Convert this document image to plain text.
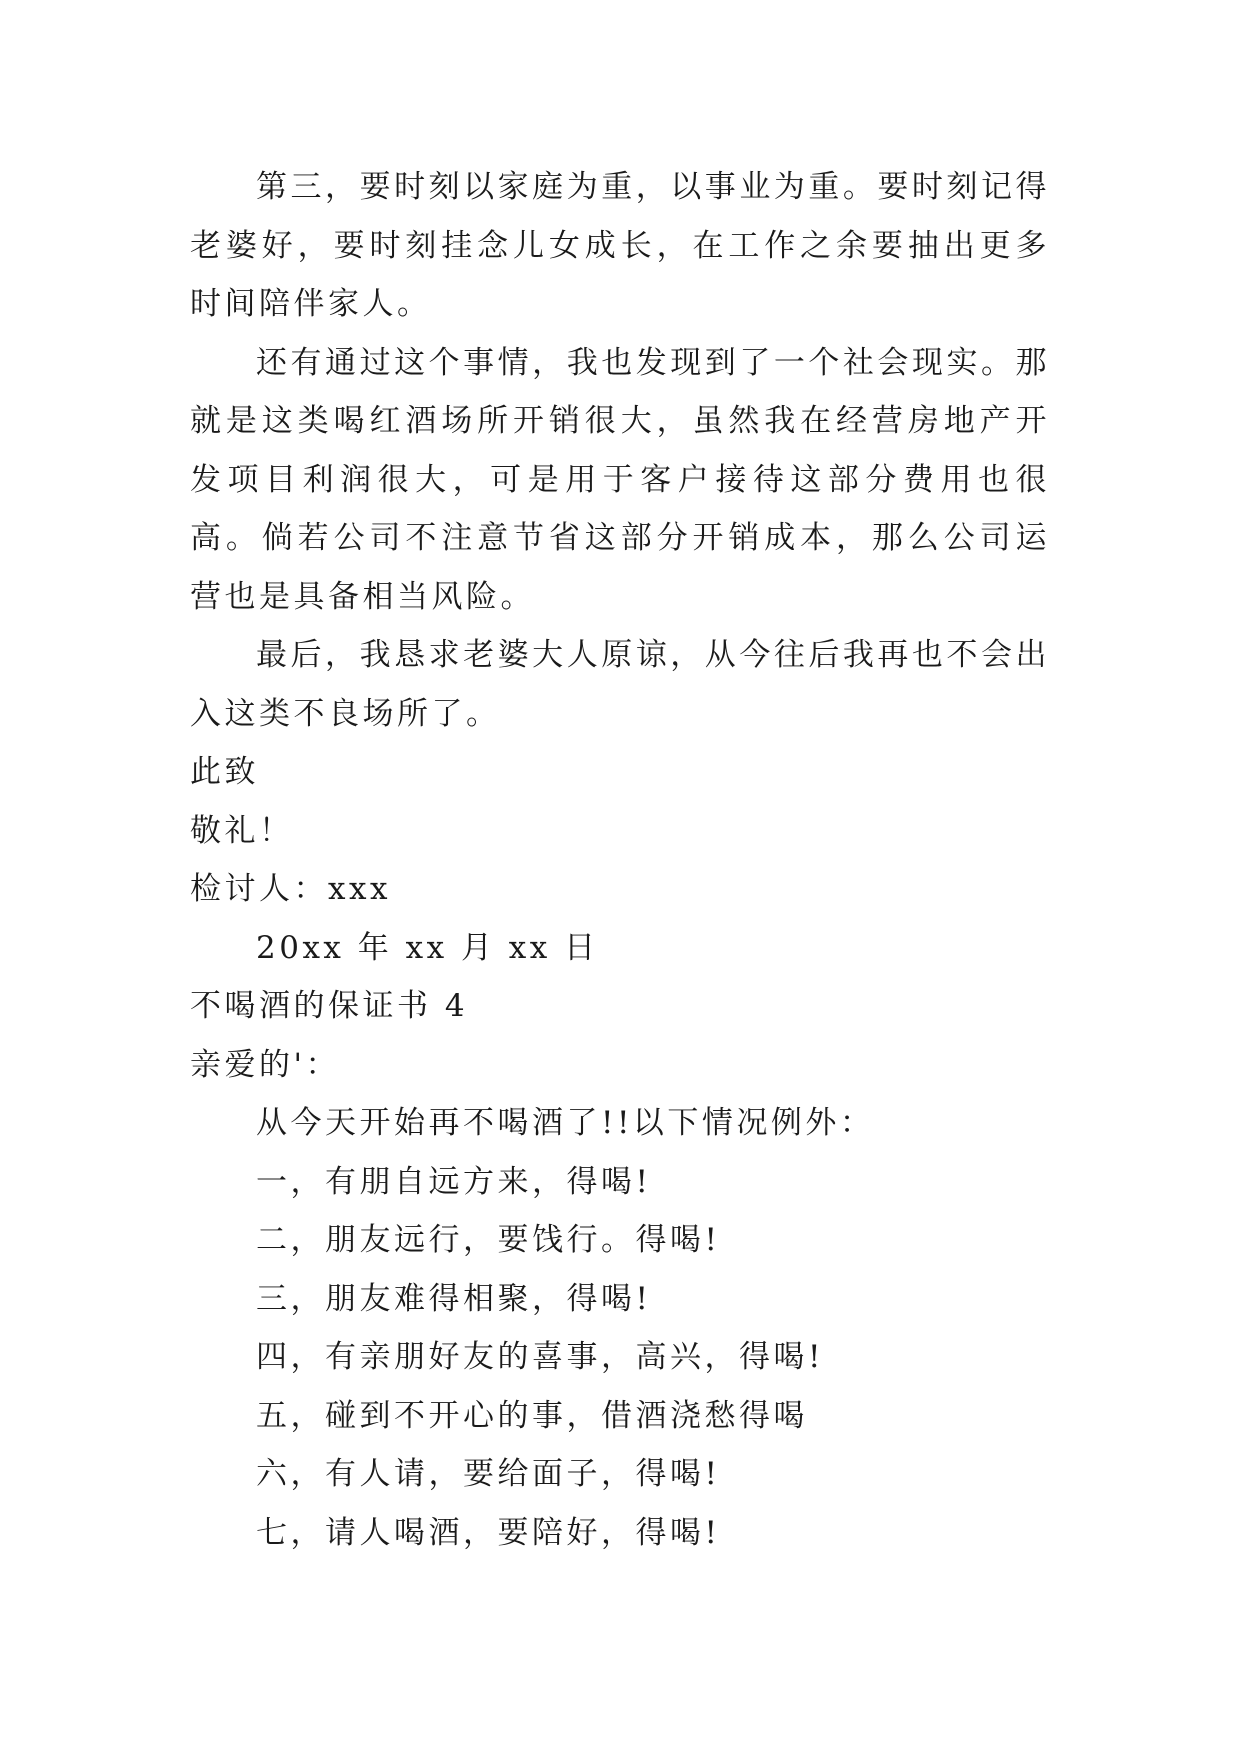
第三，要时刻以家庭为重，以事业为重。要时刻记得老婆好，要时刻挂念儿女成长，在工作之余要抽出更多时间陪伴家人。

还有通过这个事情，我也发现到了一个社会现实。那就是这类喝红酒场所开销很大，虽然我在经营房地产开发项目利润很大，可是用于客户接待这部分费用也很高。倘若公司不注意节省这部分开销成本，那么公司运营也是具备相当风险。

最后，我恳求老婆大人原谅，从今往后我再也不会出入这类不良场所了。

此致

敬礼！

检讨人：xxx

20xx 年 xx 月 xx 日

不喝酒的保证书 4

亲爱的'：

从今天开始再不喝酒了!!以下情况例外：

一，有朋自远方来，得喝!

二，朋友远行，要饯行。得喝!

三，朋友难得相聚，得喝!

四，有亲朋好友的喜事，高兴，得喝!

五，碰到不开心的事，借酒浇愁得喝

六，有人请，要给面子，得喝!

七，请人喝酒，要陪好，得喝!
